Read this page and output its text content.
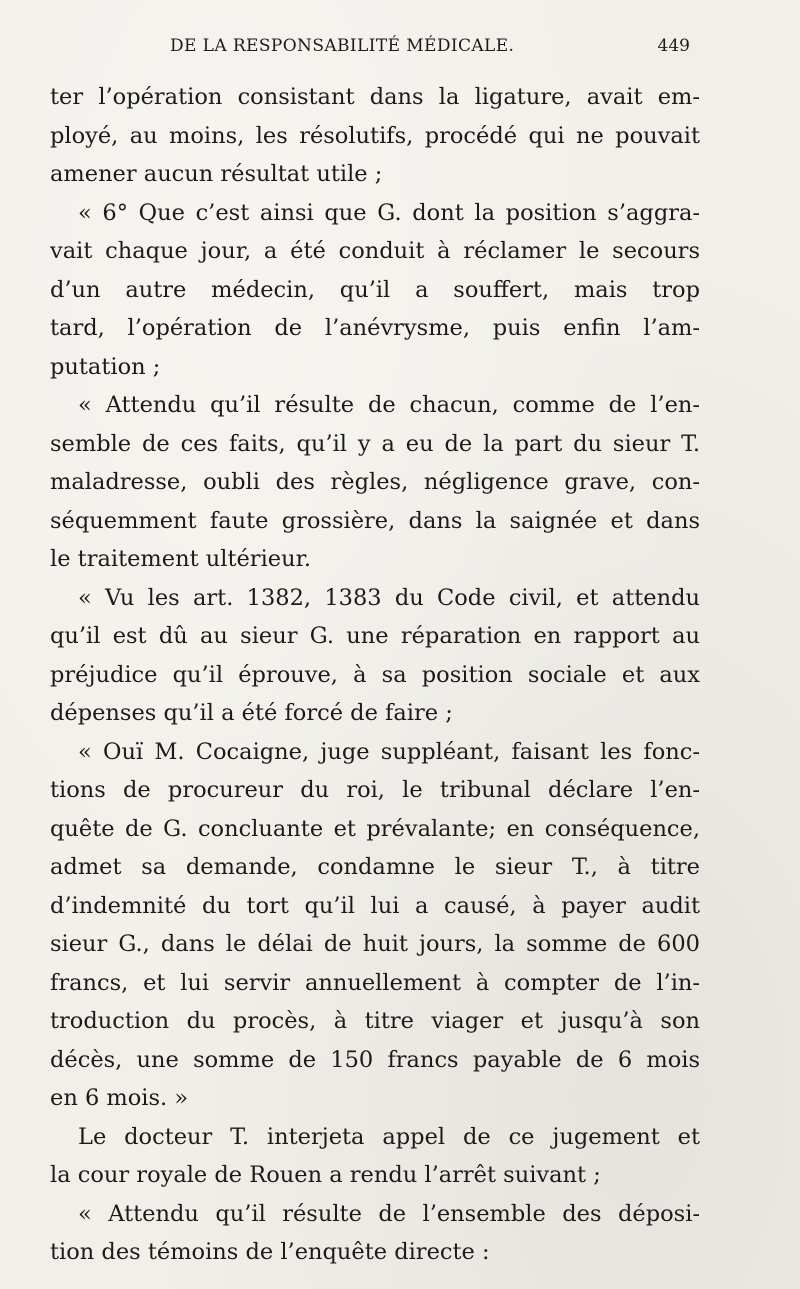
DE LA RESPONSABILITÉ MÉDICALE.	449
ter l’opération consistant dans la ligature, avait em-
ployé, au moins, les résolutifs, procédé qui ne pouvait
amener aucun résultat utile ;
« 6° Que c’est ainsi que G. dont la position s’aggra-
vait chaque jour, a été conduit à réclamer le secours
d’un autre médecin, qu’il a souffert, mais trop
tard, l’opération de l’anévrysme, puis enfin l’am-
putation ;
« Attendu qu’il résulte de chacun, comme de l’en-
semble de ces faits, qu’il y a eu de la part du sieur T.
maladresse, oubli des règles, négligence grave, con-
séquemment faute grossière, dans la saignée et dans
le traitement ultérieur.
« Vu les art. 1382, 1383 du Code civil, et attendu
qu’il est dû au sieur G. une réparation en rapport au
préjudice qu’il éprouve, à sa position sociale et aux
dépenses qu’il a été forcé de faire ;
« Ouï M. Cocaigne, juge suppléant, faisant les fonc-
tions de procureur du roi, le tribunal déclare l’en-
quête de G. concluante et prévalante; en conséquence,
admet sa demande, condamne le sieur T., à titre
d’indemnité du tort qu’il lui a causé, à payer audit
sieur G., dans le délai de huit jours, la somme de 600
francs, et lui servir annuellement à compter de l’in-
troduction du procès, à titre viager et jusqu’à son
décès, une somme de 150 francs payable de 6 mois
en 6 mois. »
Le docteur T. interjeta appel de ce jugement et
la cour royale de Rouen a rendu l’arrêt suivant ;
« Attendu qu’il résulte de l’ensemble des déposi-
tion des témoins de l’enquête directe :
